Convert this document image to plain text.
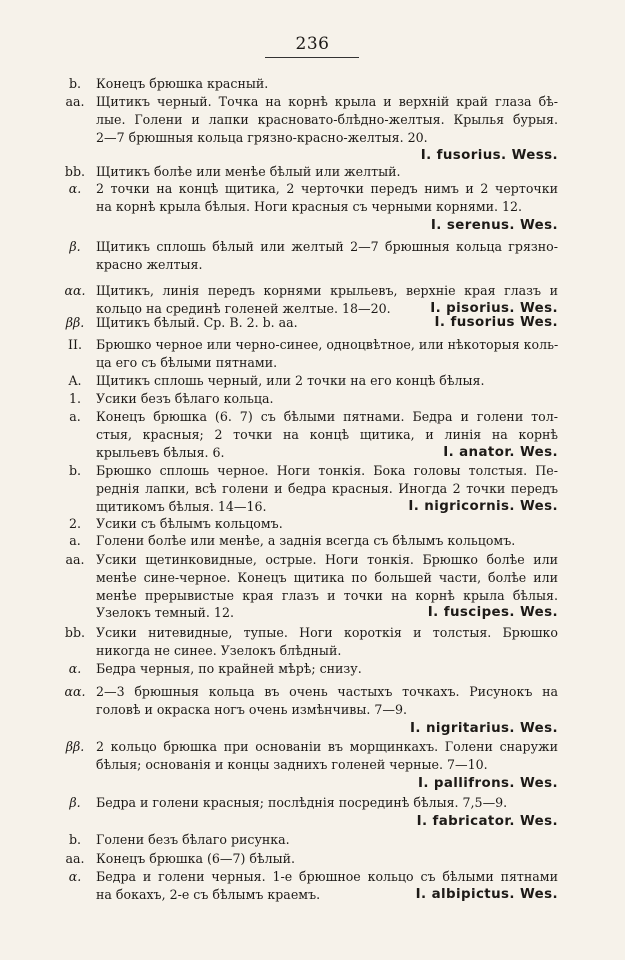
236
b.	Конецъ брюшка красный.
aa. Щитикъ черный. Точка на корнѣ крыла и верхній край глаза бѣ-
лые. Голени и лапки красновато-блѣдно-желтыя. Крылья бурыя.
2—7 брюшныя кольца грязно-красно-желтыя. 20.
I. fusorius. Wess.
bb. Щитикъ болѣе или менѣе бѣлый или желтый.
α.	2 точки на концѣ щитика, 2 черточки передъ нимъ и 2 черточки
на корнѣ крыла бѣлыя. Ноги красныя съ черными корнями. 12.
I. serenus. Wes.
β.	Щитикъ сплошь бѣлый или желтый 2—7 брюшныя кольца грязно-
красно желтыя.
αα. Щитикъ, линія передъ корнями крыльевъ, верхніе края глазъ и
кольцо на срединѣ голеней желтые. 18—20.	I. pisorius. Wes.
ββ. Щитикъ бѣлый. Ср. В. 2. b. aa.	I. fusorius Wes.
II.	Брюшко черное или черно-синее, одноцвѣтное, или нѣкоторыя коль-
ца его съ бѣлыми пятнами.
A.	Щитикъ сплошь черный, или 2 точки на его концѣ бѣлыя.
1.	Усики безъ бѣлаго кольца.
a.	Конецъ брюшка (6. 7) съ бѣлыми пятнами. Бедра и голени тол-
стыя, красныя; 2 точки на концѣ щитика, и линія на корнѣ
крыльевъ бѣлыя. 6.	I. anator. Wes.
b.	Брюшко сплошь черное. Ноги тонкія. Бока головы толстыя. Пе-
реднія лапки, всѣ голени и бедра красныя. Иногда 2 точки передъ
щитикомъ бѣлыя. 14—16.	I. nigricornis. Wes.
2.	Усики съ бѣлымъ кольцомъ.
a.	Голени болѣе или менѣе, а заднія всегда съ бѣлымъ кольцомъ.
aa. Усики щетинковидные, острые. Ноги тонкія. Брюшко болѣе или
менѣе сине-черное. Конецъ щитика по большей части, болѣе или
менѣе прерывистые края глазъ и точки на корнѣ крыла бѣлыя.
Узелокъ темный. 12.	I. fuscipes. Wes.
bb. Усики нитевидные, тупые. Ноги короткія и толстыя. Брюшко
никогда не синее. Узелокъ блѣдный.
α.	Бедра черныя, по крайней мѣрѣ; снизу.
αα. 2—3 брюшныя кольца въ очень частыхъ точкахъ. Рисунокъ на
головѣ и окраска ногъ очень измѣнчивы. 7—9.
I. nigritarius. Wes.
ββ. 2 кольцо брюшка при основаніи въ морщинкахъ. Голени снаружи
бѣлыя; основанія и концы заднихъ голеней черные. 7—10.
I. pallifrons. Wes.
β.	Бедра и голени красныя; послѣднія посрединѣ бѣлыя. 7,5—9.
I. fabricator. Wes.
b.	Голени безъ бѣлаго рисунка.
aa. Конецъ брюшка (6—7) бѣлый.
α.	Бедра и голени черныя. 1-е брюшное кольцо съ бѣлыми пятнами
на бокахъ, 2-е съ бѣлымъ краемъ.	I. albipictus. Wes.
